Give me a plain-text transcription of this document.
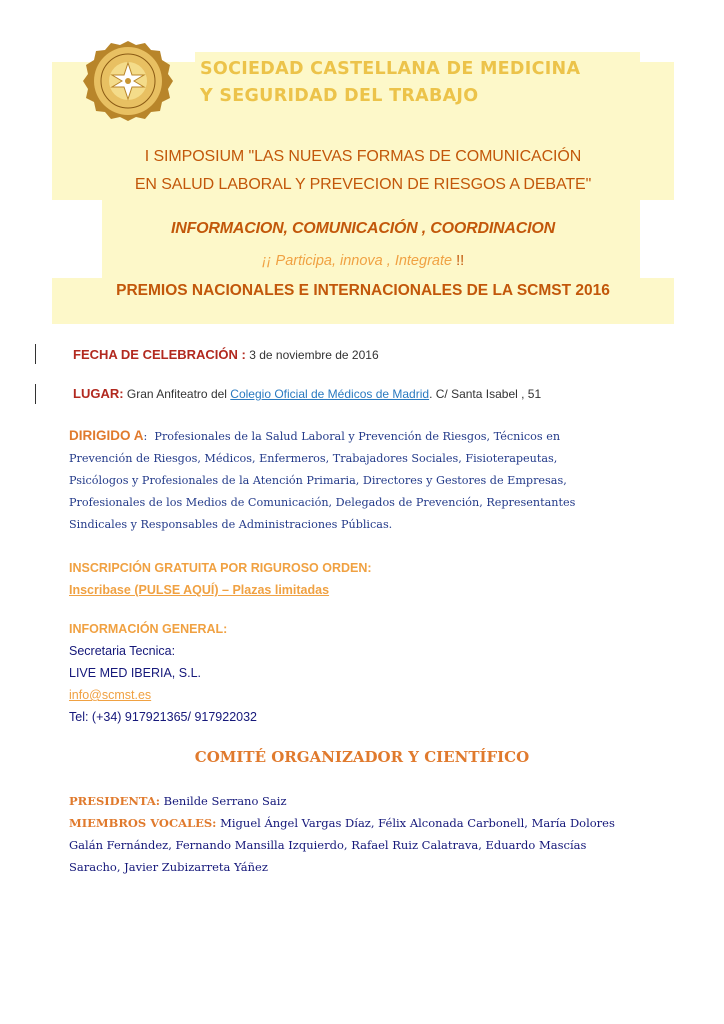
SOCIEDAD CASTELLANA DE MEDICINA
Y SEGURIDAD DEL TRABAJO
I SIMPOSIUM "LAS NUEVAS FORMAS DE COMUNICACIÓN
EN SALUD LABORAL Y PREVECION DE RIESGOS A DEBATE"
INFORMACION, COMUNICACIÓN , COORDINACION
¡¡ Participa, innova , Integrate !!
PREMIOS NACIONALES E INTERNACIONALES DE LA SCMST 2016
FECHA DE CELEBRACIÓN : 3 de noviembre de 2016
LUGAR: Gran Anfiteatro del Colegio Oficial de Médicos de Madrid. C/ Santa Isabel , 51
DIRIGIDO A: Profesionales de la Salud Laboral y Prevención de Riesgos, Técnicos en
Prevención de Riesgos, Médicos, Enfermeros, Trabajadores Sociales, Fisioterapeutas,
Psicólogos y Profesionales de la Atención Primaria, Directores y Gestores de Empresas,
Profesionales de los Medios de Comunicación, Delegados de Prevención, Representantes
Sindicales y Responsables de Administraciones Públicas.
INSCRIPCIÓN GRATUITA POR RIGUROSO ORDEN:
Inscribase (PULSE AQUÍ) – Plazas limitadas
INFORMACIÓN GENERAL:
Secretaria Tecnica:
LIVE MED IBERIA, S.L.
info@scmst.es
Tel: (+34) 917921365/ 917922032
COMITÉ ORGANIZADOR Y CIENTÍFICO
PRESIDENTA: Benilde Serrano Saiz
MIEMBROS VOCALES: Miguel Ángel Vargas Díaz, Félix Alconada Carbonell, María Dolores
Galán Fernández, Fernando Mansilla Izquierdo, Rafael Ruiz Calatrava, Eduardo Mascías
Saracho, Javier Zubizarreta Yáñez
